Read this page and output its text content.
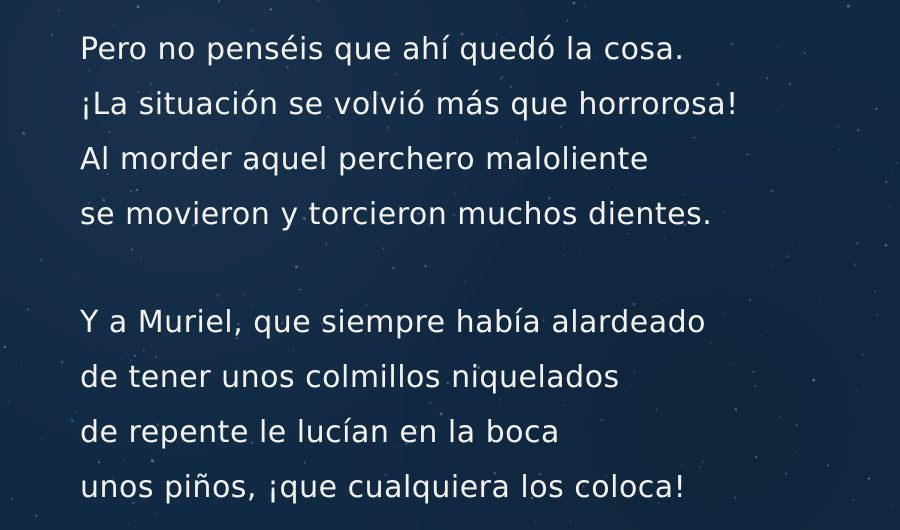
Pero no penséis que ahí quedó la cosa.
¡La situación se volvió más que horrorosa!
Al morder aquel perchero maloliente
se movieron y torcieron muchos dientes.
Y a Muriel, que siempre había alardeado
de tener unos colmillos niquelados
de repente le lucían en la boca
unos piños, ¡que cualquiera los coloca!
